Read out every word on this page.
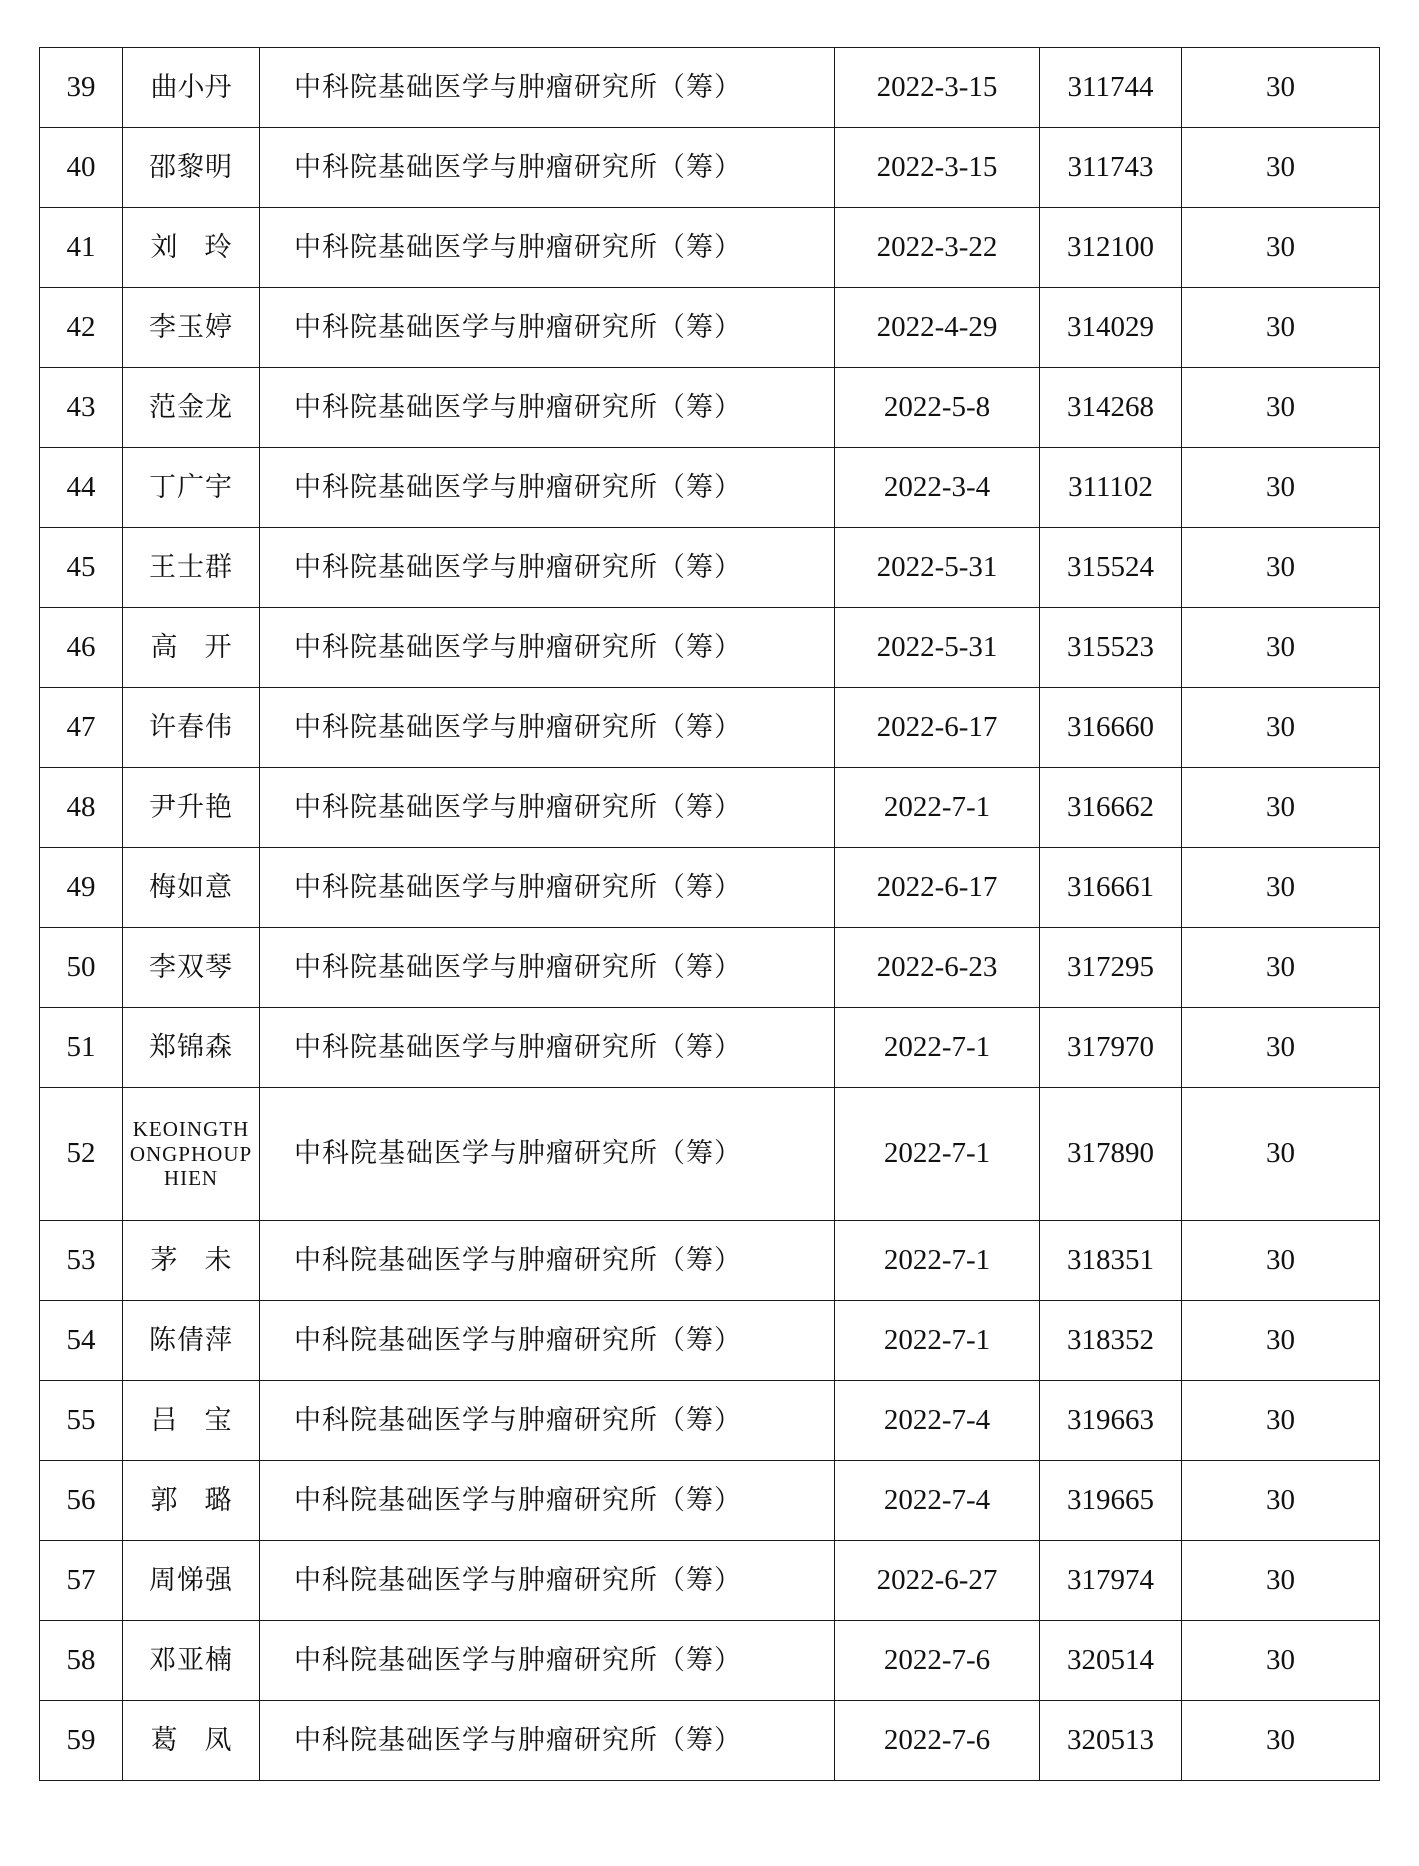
39	曲小丹	中科院基础医学与肿瘤研究所（筹）	2022-3-15	311744	30
40	邵黎明	中科院基础医学与肿瘤研究所（筹）	2022-3-15	311743	30
41	刘　玲	中科院基础医学与肿瘤研究所（筹）	2022-3-22	312100	30
42	李玉婷	中科院基础医学与肿瘤研究所（筹）	2022-4-29	314029	30
43	范金龙	中科院基础医学与肿瘤研究所（筹）	2022-5-8	314268	30
44	丁广宇	中科院基础医学与肿瘤研究所（筹）	2022-3-4	311102	30
45	王士群	中科院基础医学与肿瘤研究所（筹）	2022-5-31	315524	30
46	高　开	中科院基础医学与肿瘤研究所（筹）	2022-5-31	315523	30
47	许春伟	中科院基础医学与肿瘤研究所（筹）	2022-6-17	316660	30
48	尹升艳	中科院基础医学与肿瘤研究所（筹）	2022-7-1	316662	30
49	梅如意	中科院基础医学与肿瘤研究所（筹）	2022-6-17	316661	30
50	李双琴	中科院基础医学与肿瘤研究所（筹）	2022-6-23	317295	30
51	郑锦森	中科院基础医学与肿瘤研究所（筹）	2022-7-1	317970	30
52	KEOINGTHONGPHOUPHIEN	中科院基础医学与肿瘤研究所（筹）	2022-7-1	317890	30
53	茅　未	中科院基础医学与肿瘤研究所（筹）	2022-7-1	318351	30
54	陈倩萍	中科院基础医学与肿瘤研究所（筹）	2022-7-1	318352	30
55	吕　宝	中科院基础医学与肿瘤研究所（筹）	2022-7-4	319663	30
56	郭　璐	中科院基础医学与肿瘤研究所（筹）	2022-7-4	319665	30
57	周悌强	中科院基础医学与肿瘤研究所（筹）	2022-6-27	317974	30
58	邓亚楠	中科院基础医学与肿瘤研究所（筹）	2022-7-6	320514	30
59	葛　凤	中科院基础医学与肿瘤研究所（筹）	2022-7-6	320513	30
